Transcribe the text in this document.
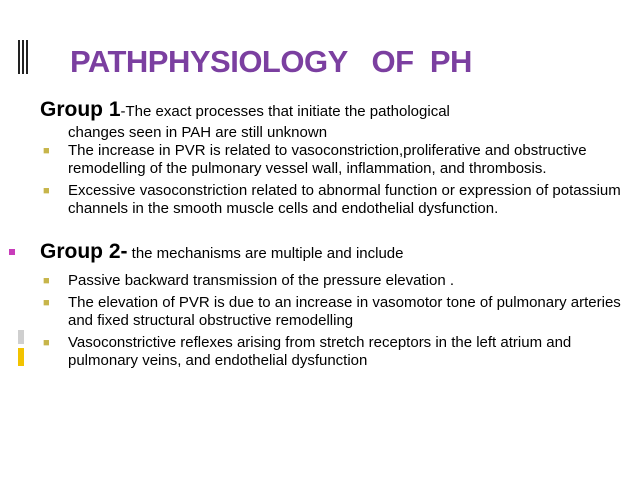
PATHPHYSIOLOGY   OF  PH
Group 1-The exact processes that initiate the pathological
changes seen in PAH are still unknown
■ The increase in PVR is related to vasoconstriction,proliferative and obstructive remodelling of the pulmonary vessel wall, inflammation, and thrombosis.
■ Excessive vasoconstriction related to abnormal function or expression of potassium channels in the smooth muscle cells and endothelial dysfunction.
Group 2- the mechanisms are multiple and include
■ Passive backward transmission of the pressure elevation .
■ The elevation of PVR is due to an increase in vasomotor tone of pulmonary arteries and fixed structural obstructive remodelling
■ Vasoconstrictive reflexes arising from stretch receptors in the left atrium and pulmonary veins, and endothelial dysfunction
